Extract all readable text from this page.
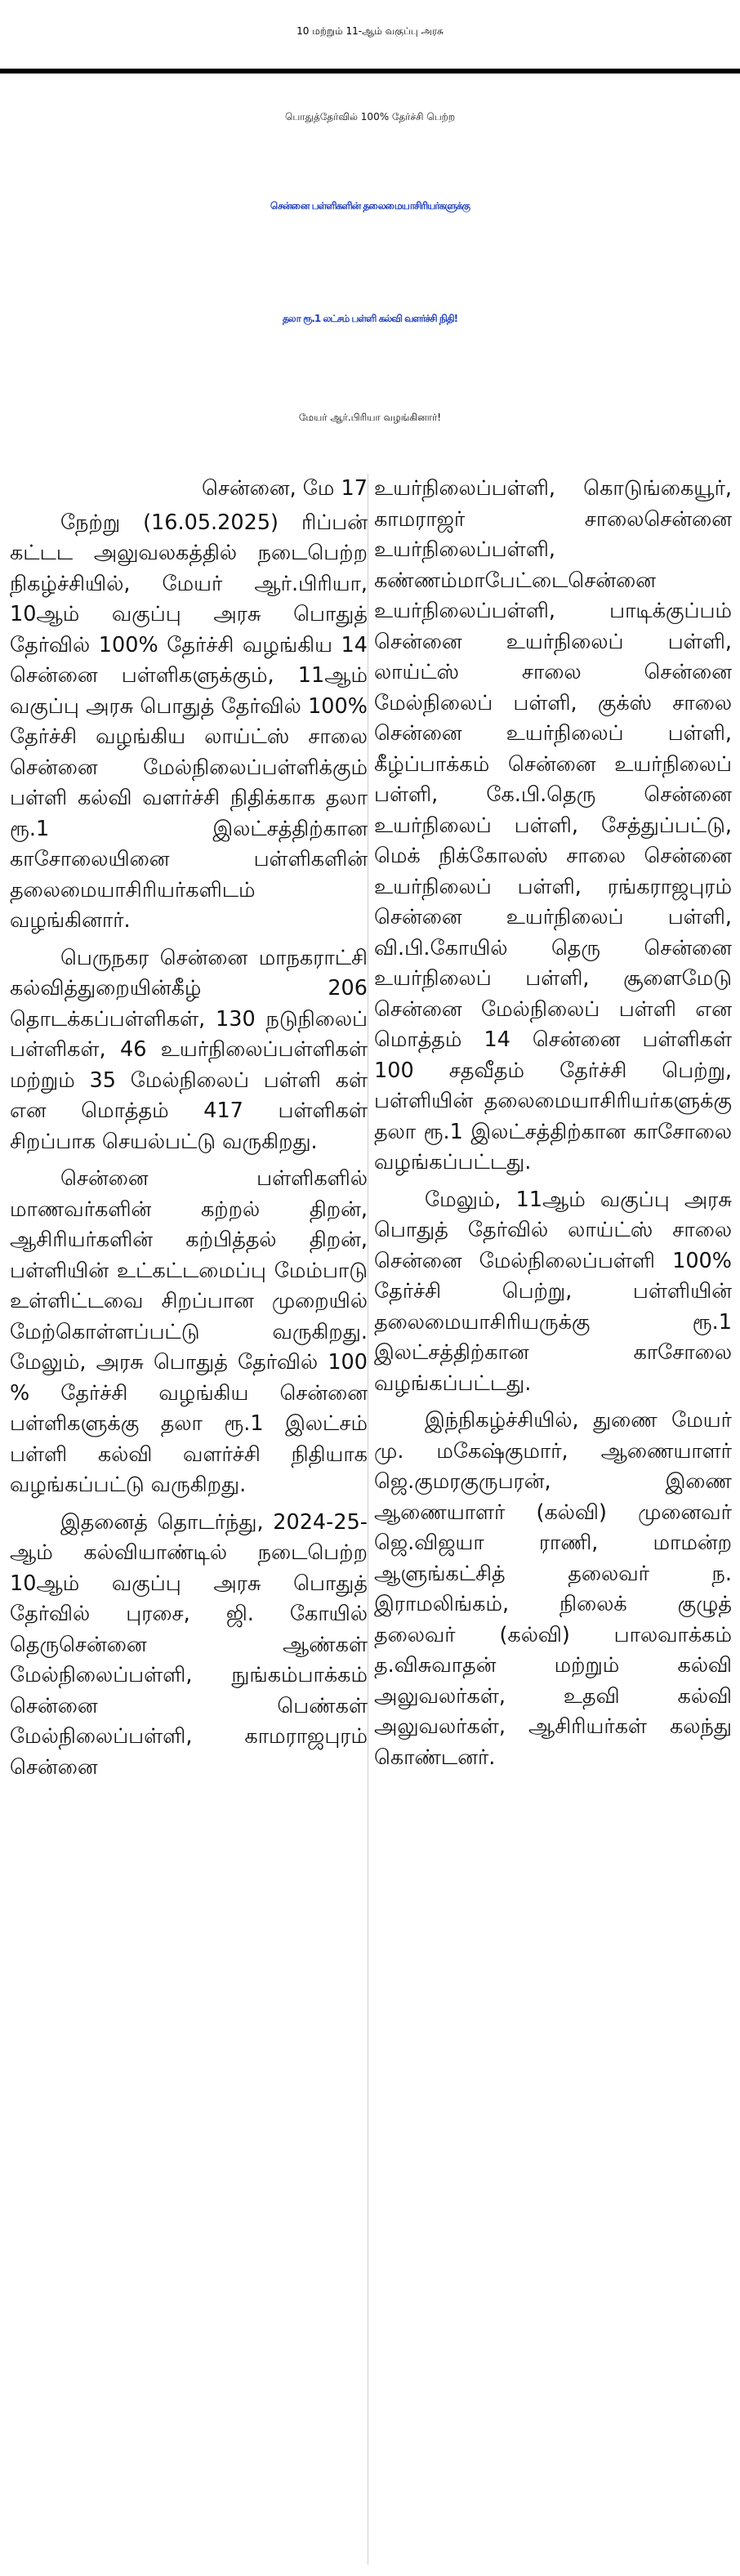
10 மற்றும் 11-ஆம் வகுப்பு அரசு
பொதுத்தேர்வில் 100% தேர்ச்சி பெற்ற
சென்னை பள்ளிகளின் தலைமையாசிரியர்களுக்கு
தலா ரூ.1 லட்சம் பள்ளி கல்வி வளர்ச்சி நிதி!
மேயர் ஆர்.பிரியா வழங்கினார்!
சென்னை, மே 17

நேற்று (16.05.2025) ரிப்பன் கட்டட அலுவலகத்தில் நடைபெற்ற நிகழ்ச்சியில், மேயர் ஆர்.பிரியா, 10ஆம் வகுப்பு அரசு பொதுத் தேர்வில் 100% தேர்ச்சி வழங்கிய 14 சென்னை பள்ளிகளுக்கும், 11ஆம் வகுப்பு அரசு பொதுத் தேர்வில் 100% தேர்ச்சி வழங்கிய லாய்ட்ஸ் சாலை சென்னை மேல்நிலைப்பள்ளிக்கும் பள்ளி கல்வி வளர்ச்சி நிதிக்காக தலா ரூ.1 இலட்சத்திற்கான காசோலையினை பள்ளிகளின் தலைமையாசிரியர்களிடம் வழங்கினார்.

பெருநகர சென்னை மாநகராட்சி கல்வித்துறையின்கீழ் 206 தொடக்கப்பள்ளிகள், 130 நடுநிலைப் பள்ளிகள், 46 உயர்நிலைப்பள்ளிகள் மற்றும் 35 மேல்நிலைப் பள்ளி கள் என மொத்தம் 417 பள்ளிகள் சிறப்பாக செயல்பட்டு வருகிறது.

சென்னை பள்ளிகளில் மாணவர்களின் கற்றல் திறன், ஆசிரியர்களின் கற்பித்தல் திறன், பள்ளியின் உட்கட்டமைப்பு மேம்பாடு உள்ளிட்டவை சிறப்பான முறையில் மேற்கொள்ளப்பட்டு வருகிறது. மேலும், அரசு பொதுத் தேர்வில் 100 % தேர்ச்சி வழங்கிய சென்னை பள்ளிகளுக்கு தலா ரூ.1 இலட்சம் பள்ளி கல்வி வளர்ச்சி நிதியாக வழங்கப்பட்டு வருகிறது.

இதனைத் தொடர்ந்து, 2024-25-ஆம் கல்வியாண்டில் நடைபெற்ற 10ஆம் வகுப்பு அரசு பொதுத் தேர்வில் புரசை, ஜி. கோயில் தெருசென்னை ஆண்கள் மேல்நிலைப்பள்ளி, நுங்கம்பாக்கம் சென்னை பெண்கள் மேல்நிலைப்பள்ளி, காமராஜபுரம் சென்னை

உயர்நிலைப்பள்ளி, கொடுங்கையூர், காமராஜர் சாலைசென்னை உயர்நிலைப்பள்ளி, கண்ணம்மாபேட்டைசென்னை உயர்நிலைப்பள்ளி, பாடிக்குப்பம் சென்னை உயர்நிலைப் பள்ளி, லாய்ட்ஸ் சாலை சென்னை மேல்நிலைப் பள்ளி, குக்ஸ் சாலை சென்னை உயர்நிலைப் பள்ளி, கீழ்ப்பாக்கம் சென்னை உயர்நிலைப் பள்ளி, கே.பி.தெரு சென்னை உயர்நிலைப் பள்ளி, சேத்துப்பட்டு, மெக் நிக்கோலஸ் சாலை சென்னை உயர்நிலைப் பள்ளி, ரங்கராஜபுரம் சென்னை உயர்நிலைப் பள்ளி, வி.பி.கோயில் தெரு சென்னை உயர்நிலைப் பள்ளி, சூளைமேடு சென்னை மேல்நிலைப் பள்ளி என மொத்தம் 14 சென்னை பள்ளிகள் 100 சதவீதம் தேர்ச்சி பெற்று, பள்ளியின் தலைமையாசிரியர்களுக்கு தலா ரூ.1 இலட்சத்திற்கான காசோலை வழங்கப்பட்டது.

மேலும், 11ஆம் வகுப்பு அரசு பொதுத் தேர்வில் லாய்ட்ஸ் சாலை சென்னை மேல்நிலைப்பள்ளி 100% தேர்ச்சி பெற்று, பள்ளியின் தலைமையாசிரியருக்கு ரூ.1 இலட்சத்திற்கான காசோலை வழங்கப்பட்டது.

இந்நிகழ்ச்சியில், துணை மேயர் மு. மகேஷ்குமார், ஆணையாளர் ஜெ.குமரகுருபரன், இணை ஆணையாளர் (கல்வி) முனைவர் ஜெ.விஜயா ராணி, மாமன்ற ஆளுங்கட்சித் தலைவர் ந. இராமலிங்கம், நிலைக் குழுத் தலைவர் (கல்வி) பாலவாக்கம் த.விசுவாதன் மற்றும் கல்வி அலுவலர்கள், உதவி கல்வி அலுவலர்கள், ஆசிரியர்கள் கலந்து கொண்டனர்.
